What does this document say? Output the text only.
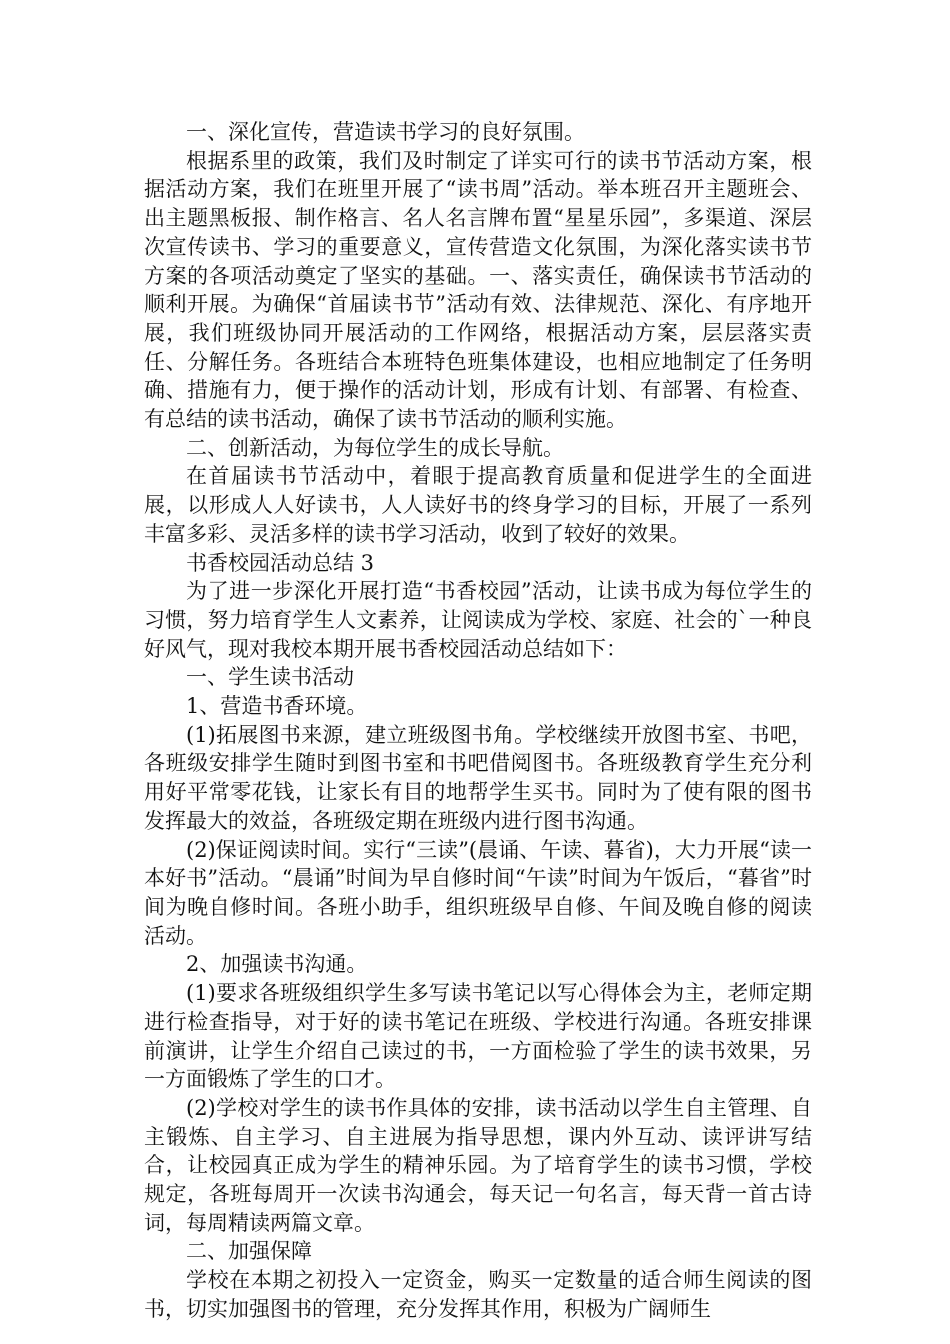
一、深化宣传，营造读书学习的良好氛围。

根据系里的政策，我们及时制定了详实可行的读书节活动方案，根据活动方案，我们在班里开展了“读书周”活动。举本班召开主题班会、出主题黑板报、制作格言、名人名言牌布置“星星乐园”，多渠道、深层次宣传读书、学习的重要意义，宣传营造文化氛围，为深化落实读书节方案的各项活动奠定了坚实的基础。一、落实责任，确保读书节活动的顺利开展。为确保“首届读书节”活动有效、法律规范、深化、有序地开展，我们班级协同开展活动的工作网络，根据活动方案，层层落实责任、分解任务。各班结合本班特色班集体建设，也相应地制定了任务明确、措施有力，便于操作的活动计划，形成有计划、有部署、有检查、有总结的读书活动，确保了读书节活动的顺利实施。

二、创新活动，为每位学生的成长导航。

在首届读书节活动中，着眼于提高教育质量和促进学生的全面进展，以形成人人好读书，人人读好书的终身学习的目标，开展了一系列丰富多彩、灵活多样的读书学习活动，收到了较好的效果。

书香校园活动总结 3

为了进一步深化开展打造“书香校园”活动，让读书成为每位学生的习惯，努力培育学生人文素养，让阅读成为学校、家庭、社会的`一种良好风气，现对我校本期开展书香校园活动总结如下：

一、学生读书活动

1、营造书香环境。

(1)拓展图书来源，建立班级图书角。学校继续开放图书室、书吧，各班级安排学生随时到图书室和书吧借阅图书。各班级教育学生充分利用好平常零花钱，让家长有目的地帮学生买书。同时为了使有限的图书发挥最大的效益，各班级定期在班级内进行图书沟通。

(2)保证阅读时间。实行“三读”(晨诵、午读、暮省)，大力开展“读一本好书”活动。“晨诵”时间为早自修时间“午读”时间为午饭后，“暮省”时间为晚自修时间。各班小助手，组织班级早自修、午间及晚自修的阅读活动。

2、加强读书沟通。

(1)要求各班级组织学生多写读书笔记以写心得体会为主，老师定期进行检查指导，对于好的读书笔记在班级、学校进行沟通。各班安排课前演讲，让学生介绍自己读过的书，一方面检验了学生的读书效果，另一方面锻炼了学生的口才。

(2)学校对学生的读书作具体的安排，读书活动以学生自主管理、自主锻炼、自主学习、自主进展为指导思想，课内外互动、读评讲写结合，让校园真正成为学生的精神乐园。为了培育学生的读书习惯，学校规定，各班每周开一次读书沟通会，每天记一句名言，每天背一首古诗词，每周精读两篇文章。

二、加强保障

学校在本期之初投入一定资金，购买一定数量的适合师生阅读的图书，切实加强图书的管理，充分发挥其作用，积极为广阔师生
